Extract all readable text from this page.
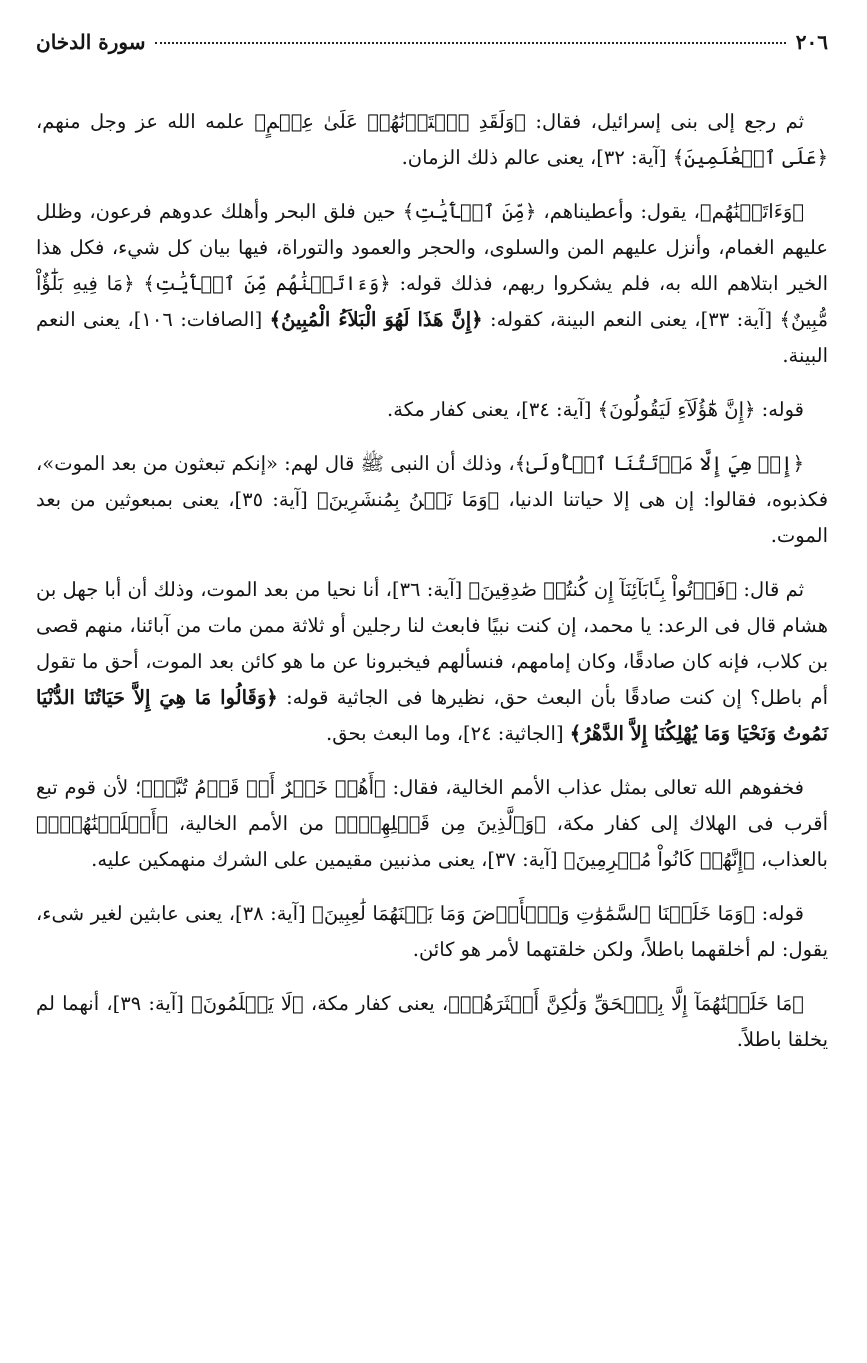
٢٠٦
سورة الدخان

ثم رجع إلى بنى إسرائيل، فقال: ﴿وَلَقَدِ ٱخۡتَرۡنَٰهُمۡ عَلَىٰ عِلۡمٍ﴾ علمه الله عز وجل منهم، ﴿عَلَى ٱلۡعَٰلَمِينَ﴾ [آية: ٣٢]، يعنى عالم ذلك الزمان.

﴿وَءَاتَيۡنَٰهُم﴾، يقول: وأعطيناهم، ﴿مِّنَ ٱلۡأٓيَٰتِ﴾ حين فلق البحر وأهلك عدوهم فرعون، وظلل عليهم الغمام، وأنزل عليهم المن والسلوى، والحجر والعمود والتوراة، فيها بيان كل شيء، فكل هذا الخير ابتلاهم الله به، فلم يشكروا ربهم، فذلك قوله: ﴿وَءَاتَيۡنَٰهُم مِّنَ ٱلۡأٓيَٰتِ﴾ ﴿مَا فِيهِ بَلَٰٓؤٌاْ مُّبِينٌ﴾ [آية: ٣٣]، يعنى النعم البينة، كقوله: ﴿إِنَّ هَذَا لَهُوَ الْبَلاَءُ الْمُبِينُ﴾ [الصافات: ١٠٦]، يعنى النعم البينة.

قوله: ﴿إِنَّ هَٰٓؤُلَآءِ لَيَقُولُونَ﴾ [آية: ٣٤]، يعنى كفار مكة.

﴿إِنۡ هِيَ إِلَّا مَوۡتَتُنَا ٱلۡأُولَىٰ﴾، وذلك أن النبى ﷺ قال لهم: «إنكم تبعثون من بعد الموت»، فكذبوه، فقالوا: إن هى إلا حياتنا الدنيا، ﴿وَمَا نَحۡنُ بِمُنشَرِينَ﴾ [آية: ٣٥]، يعنى بمبعوثين من بعد الموت.

ثم قال: ﴿فَأۡتُواْ بِـَٔابَآئِنَآ إِن كُنتُمۡ صَٰدِقِينَ﴾ [آية: ٣٦]، أنا نحيا من بعد الموت، وذلك أن أبا جهل بن هشام قال فى الرعد: يا محمد، إن كنت نبيًا فابعث لنا رجلين أو ثلاثة ممن مات من آبائنا، منهم قصى بن كلاب، فإنه كان صادقًا، وكان إمامهم، فنسألهم فيخبرونا عن ما هو كائن بعد الموت، أحق ما تقول أم باطل؟ إن كنت صادقًا بأن البعث حق، نظيرها فى الجاثية قوله: ﴿وَقَالُوا مَا هِيَ إِلاَّ حَيَاتُنَا الدُّنْيَا نَمُوتُ وَنَحْيَا وَمَا يُهْلِكُنَا إِلاَّ الدَّهْرُ﴾ [الجاثية: ٢٤]، وما البعث بحق.

فخفوهم الله تعالى بمثل عذاب الأمم الخالية، فقال: ﴿أَهُمۡ خَيۡرٌ أَمۡ قَوۡمُ تُبَّعٖ﴾؛ لأن قوم تبع أقرب فى الهلاك إلى كفار مكة، ﴿وَٱلَّذِينَ مِن قَبۡلِهِمۡۚ﴾ من الأمم الخالية، ﴿أَهۡلَكۡنَٰهُمۡۖ﴾ بالعذاب، ﴿إِنَّهُمۡ كَانُواْ مُجۡرِمِينَ﴾ [آية: ٣٧]، يعنى مذنبين مقيمين على الشرك منهمكين عليه.

قوله: ﴿وَمَا خَلَقۡنَا ٱلسَّمَٰوَٰتِ وَٱلۡأَرۡضَ وَمَا بَيۡنَهُمَا لَٰعِبِينَ﴾ [آية: ٣٨]، يعنى عابثين لغير شىء، يقول: لم أخلقهما باطلاً، ولكن خلقتهما لأمر هو كائن.

﴿مَا خَلَقۡنَٰهُمَآ إِلَّا بِٱلۡحَقِّ وَلَٰكِنَّ أَكۡثَرَهُمۡ﴾، يعنى كفار مكة، ﴿لَا يَعۡلَمُونَ﴾ [آية: ٣٩]، أنهما لم يخلقا باطلاً.
